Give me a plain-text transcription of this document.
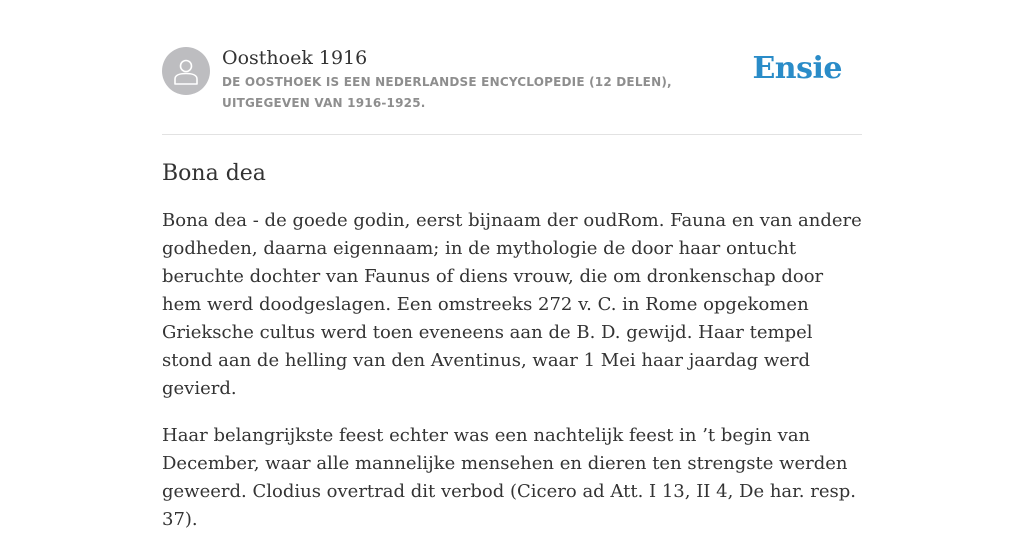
Oosthoek 1916
DE OOSTHOEK IS EEN NEDERLANDSE ENCYCLOPEDIE (12 DELEN), UITGEGEVEN VAN 1916-1925.
Ensie
Bona dea

Bona dea - de goede godin, eerst bijnaam der oudRom. Fauna en van andere godheden, daarna eigennaam; in de mythologie de door haar ontucht beruchte dochter van Faunus of diens vrouw, die om dronkenschap door hem werd doodgeslagen. Een omstreeks 272 v. C. in Rome opgekomen Grieksche cultus werd toen eveneens aan de B. D. gewijd. Haar tempel stond aan de helling van den Aventinus, waar 1 Mei haar jaardag werd gevierd.

Haar belangrijkste feest echter was een nachtelijk feest in ’t begin van December, waar alle mannelijke mensehen en dieren ten strengste werden geweerd. Clodius overtrad dit verbod (Cicero ad Att. I 13, II 4, De har. resp. 37).
